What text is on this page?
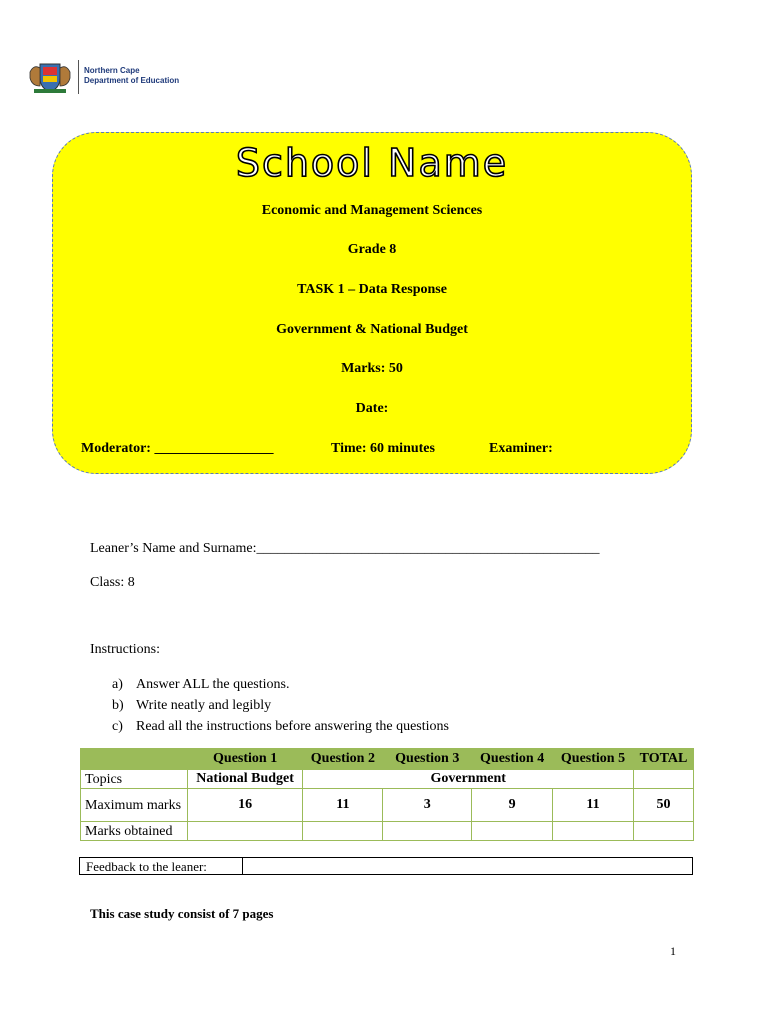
Northern Cape
Department of Education
School Name
Economic and Management Sciences
Grade 8
TASK 1 – Data Response
Government & National Budget
Marks: 50
Date:
Moderator: _________________	Time: 60 minutes	Examiner:
Leaner’s Name and Surname:_________________________________________________
Class: 8
Instructions:
a) Answer ALL the questions.
b) Write neatly and legibly
c) Read all the instructions before answering the questions
	Question 1	Question 2	Question 3	Question 4	Question 5	TOTAL
Topics	National Budget	Government				
Maximum marks	16	11	3	9	11	50
Marks obtained						
Feedback to the leaner:
This case study consist of 7 pages
1
